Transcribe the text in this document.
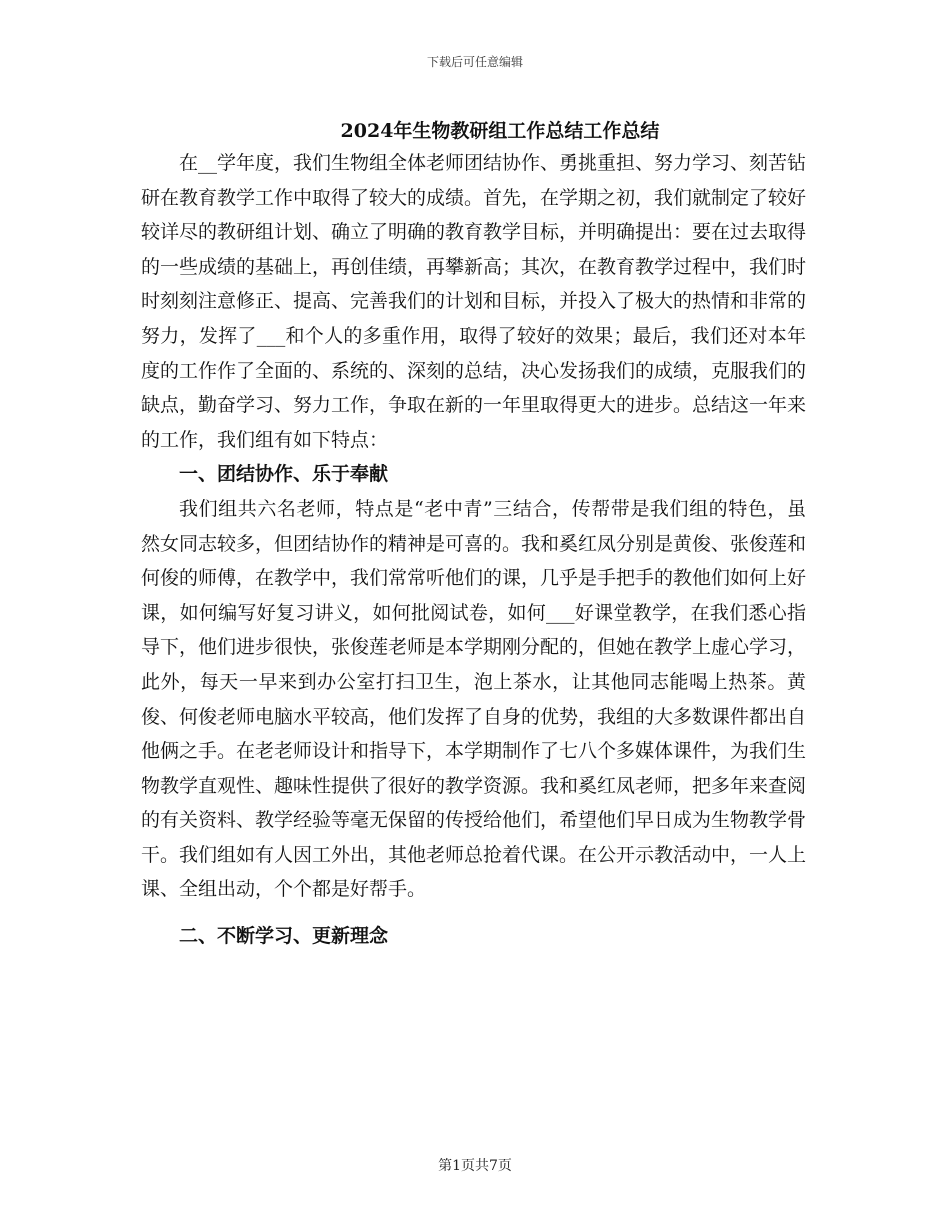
下载后可任意编辑
2024年生物教研组工作总结工作总结

在__学年度，我们生物组全体老师团结协作、勇挑重担、努力学习、刻苦钻研在教育教学工作中取得了较大的成绩。首先，在学期之初，我们就制定了较好较详尽的教研组计划、确立了明确的教育教学目标，并明确提出：要在过去取得的一些成绩的基础上，再创佳绩，再攀新高；其次，在教育教学过程中，我们时时刻刻注意修正、提高、完善我们的计划和目标，并投入了极大的热情和非常的努力，发挥了___和个人的多重作用，取得了较好的效果；最后，我们还对本年度的工作作了全面的、系统的、深刻的总结，决心发扬我们的成绩，克服我们的缺点，勤奋学习、努力工作，争取在新的一年里取得更大的进步。总结这一年来的工作，我们组有如下特点：

一、团结协作、乐于奉献

我们组共六名老师，特点是“老中青”三结合，传帮带是我们组的特色，虽然女同志较多，但团结协作的精神是可喜的。我和奚红凤分别是黄俊、张俊莲和何俊的师傅，在教学中，我们常常听他们的课，几乎是手把手的教他们如何上好课，如何编写好复习讲义，如何批阅试卷，如何___好课堂教学，在我们悉心指导下，他们进步很快，张俊莲老师是本学期刚分配的，但她在教学上虚心学习，此外，每天一早来到办公室打扫卫生，泡上茶水，让其他同志能喝上热茶。黄俊、何俊老师电脑水平较高，他们发挥了自身的优势，我组的大多数课件都出自他俩之手。在老老师设计和指导下，本学期制作了七八个多媒体课件，为我们生物教学直观性、趣味性提供了很好的教学资源。我和奚红凤老师，把多年来查阅的有关资料、教学经验等毫无保留的传授给他们，希望他们早日成为生物教学骨干。我们组如有人因工外出，其他老师总抢着代课。在公开示教活动中，一人上课、全组出动，个个都是好帮手。

二、不断学习、更新理念

第1页共7页
